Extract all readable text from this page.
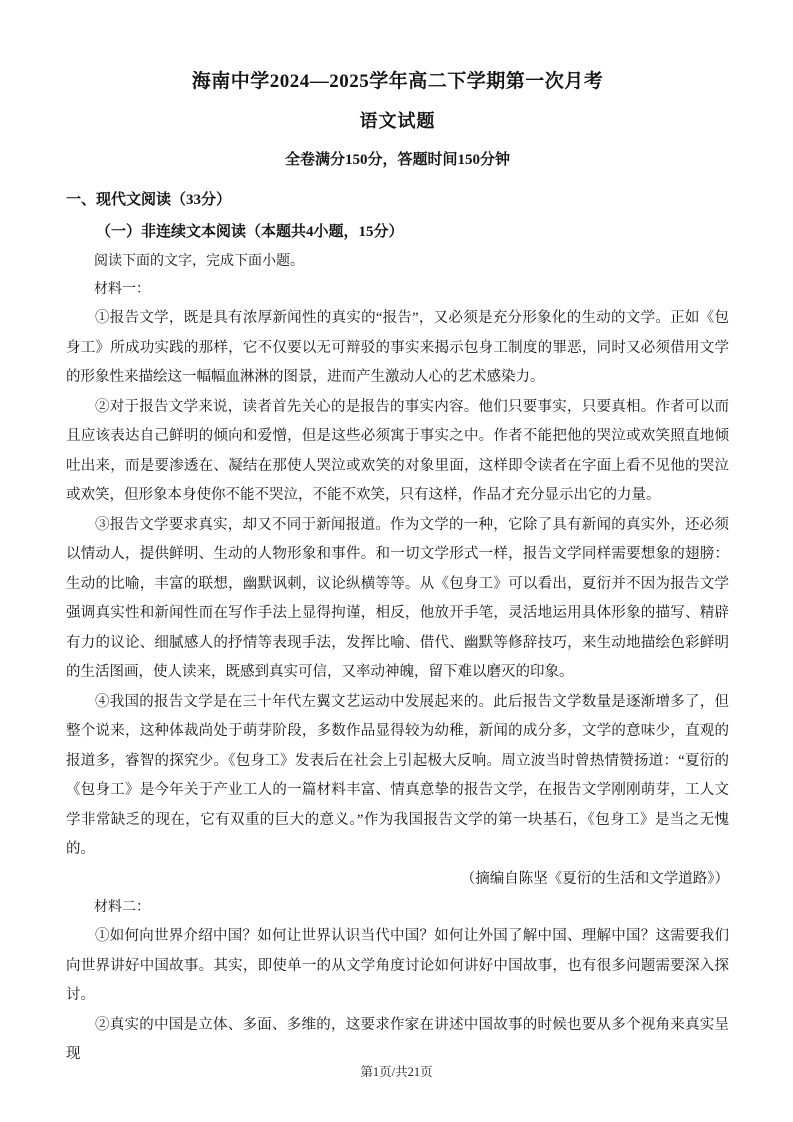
海南中学2024—2025学年高二下学期第一次月考
语文试题
全卷满分150分，答题时间150分钟
一、现代文阅读（33分）
（一）非连续文本阅读（本题共4小题，15分）

阅读下面的文字，完成下面小题。

材料一：

①报告文学，既是具有浓厚新闻性的真实的“报告”，又必须是充分形象化的生动的文学。正如《包身工》所成功实践的那样，它不仅要以无可辩驳的事实来揭示包身工制度的罪恶，同时又必须借用文学的形象性来描绘这一幅幅血淋淋的图景，进而产生激动人心的艺术感染力。

②对于报告文学来说，读者首先关心的是报告的事实内容。他们只要事实，只要真相。作者可以而且应该表达自己鲜明的倾向和爱憎，但是这些必须寓于事实之中。作者不能把他的哭泣或欢笑照直地倾吐出来，而是要渗透在、凝结在那使人哭泣或欢笑的对象里面，这样即令读者在字面上看不见他的哭泣或欢笑，但形象本身使你不能不哭泣，不能不欢笑，只有这样，作品才充分显示出它的力量。

③报告文学要求真实，却又不同于新闻报道。作为文学的一种，它除了具有新闻的真实外，还必须以情动人，提供鲜明、生动的人物形象和事件。和一切文学形式一样，报告文学同样需要想象的翅膀：生动的比喻，丰富的联想，幽默讽刺，议论纵横等等。从《包身工》可以看出，夏衍并不因为报告文学强调真实性和新闻性而在写作手法上显得拘谨，相反，他放开手笔，灵活地运用具体形象的描写、精辟有力的议论、细腻感人的抒情等表现手法，发挥比喻、借代、幽默等修辞技巧，来生动地描绘色彩鲜明的生活图画，使人读来，既感到真实可信，又率动神魄，留下难以磨灭的印象。

④我国的报告文学是在三十年代左翼文艺运动中发展起来的。此后报告文学数量是逐渐增多了，但整个说来，这种体裁尚处于萌芽阶段，多数作品显得较为幼稚，新闻的成分多，文学的意味少，直观的报道多，睿智的探究少。《包身工》发表后在社会上引起极大反响。周立波当时曾热情赞扬道：“夏衍的《包身工》是今年关于产业工人的一篇材料丰富、情真意挚的报告文学，在报告文学刚刚萌芽，工人文学非常缺乏的现在，它有双重的巨大的意义。”作为我国报告文学的第一块基石，《包身工》是当之无愧的。

（摘编自陈坚《夏衍的生活和文学道路》）

材料二：

①如何向世界介绍中国？如何让世界认识当代中国？如何让外国了解中国、理解中国？这需要我们向世界讲好中国故事。其实，即使单一的从文学角度讨论如何讲好中国故事，也有很多问题需要深入探讨。

②真实的中国是立体、多面、多维的，这要求作家在讲述中国故事的时候也要从多个视角来真实呈现

第1页/共21页
